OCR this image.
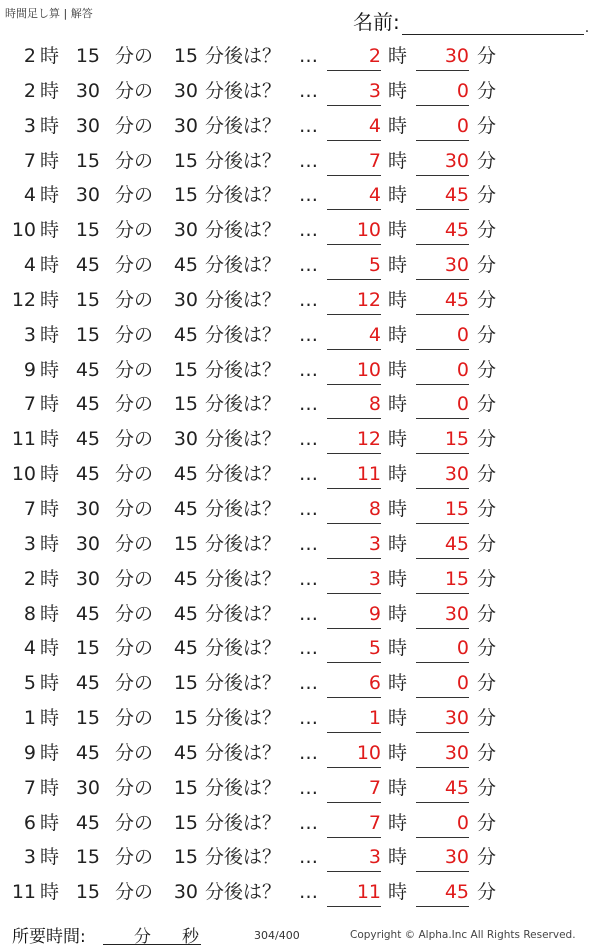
時間足し算 | 解答	名前:	.
2 時 15 分の 15 分後は？ …	2 時	30 分
2 時 30 分の 30 分後は？ …	3 時	0 分
3 時 30 分の 30 分後は？ …	4 時	0 分
7 時 15 分の 15 分後は？ …	7 時	30 分
4 時 30 分の 15 分後は？ …	4 時	45 分
10 時 15 分の 30 分後は？ …	10 時	45 分
4 時 45 分の 45 分後は？ …	5 時	30 分
12 時 15 分の 30 分後は？ …	12 時	45 分
3 時 15 分の 45 分後は？ …	4 時	0 分
9 時 45 分の 15 分後は？ …	10 時	0 分
7 時 45 分の 15 分後は？ …	8 時	0 分
11 時 45 分の 30 分後は？ …	12 時	15 分
10 時 45 分の 45 分後は？ …	11 時	30 分
7 時 30 分の 45 分後は？ …	8 時	15 分
3 時 30 分の 15 分後は？ …	3 時	45 分
2 時 30 分の 45 分後は？ …	3 時	15 分
8 時 45 分の 45 分後は？ …	9 時	30 分
4 時 15 分の 45 分後は？ …	5 時	0 分
5 時 45 分の 15 分後は？ …	6 時	0 分
1 時 15 分の 15 分後は？ …	1 時	30 分
9 時 45 分の 45 分後は？ …	10 時	30 分
7 時 30 分の 15 分後は？ …	7 時	45 分
6 時 45 分の 15 分後は？ …	7 時	0 分
3 時 15 分の 15 分後は？ …	3 時	30 分
11 時 15 分の 30 分後は？ …	11 時	45 分
所要時間:	分 秒	304/400	Copyright © Alpha.Inc All Rights Reserved.
